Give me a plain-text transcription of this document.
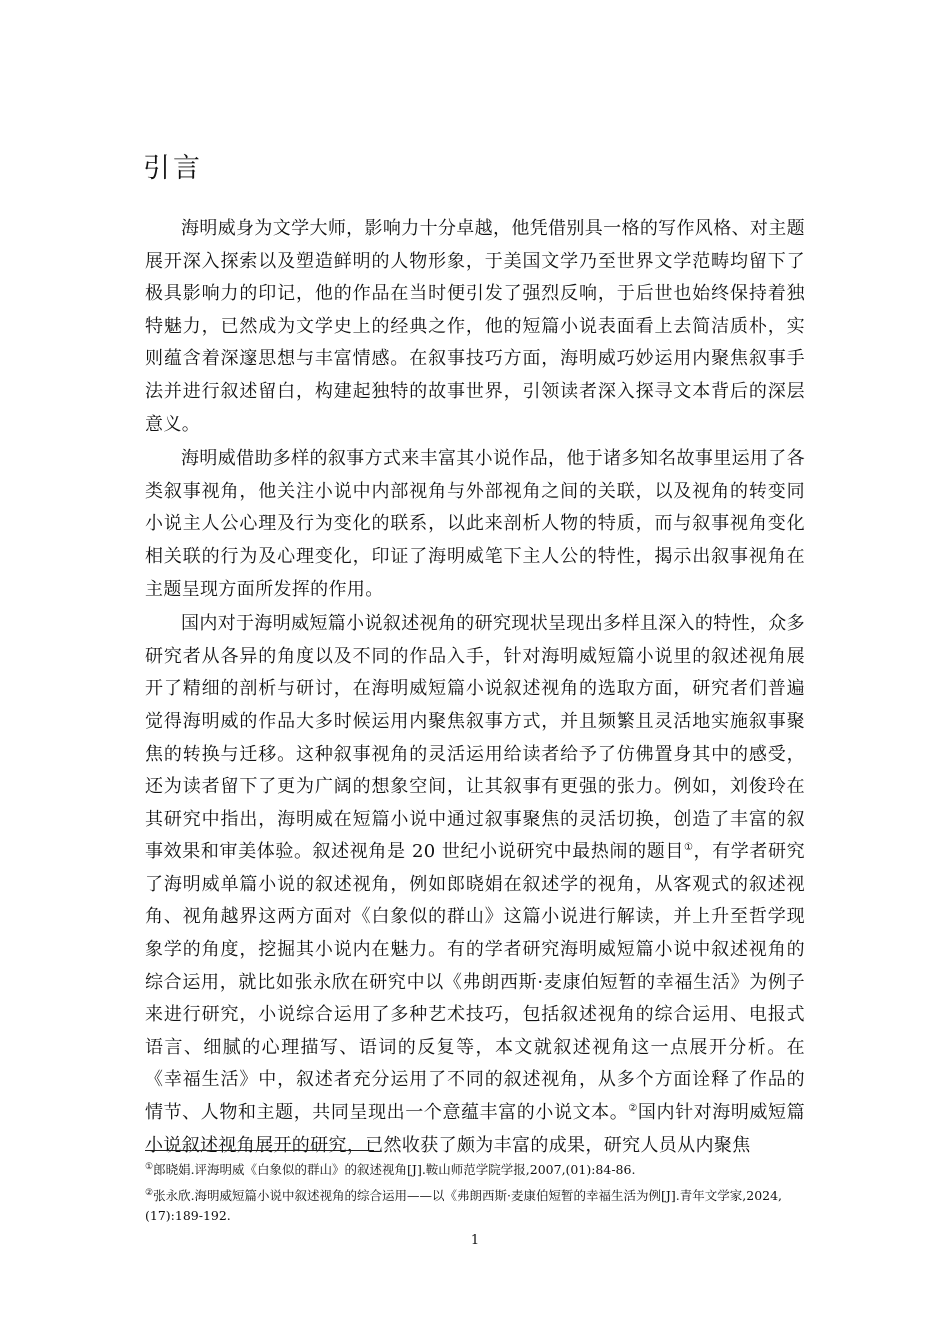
引言

海明威身为文学大师，影响力十分卓越，他凭借别具一格的写作风格、对主题展开深入探索以及塑造鲜明的人物形象，于美国文学乃至世界文学范畴均留下了极具影响力的印记，他的作品在当时便引发了强烈反响，于后世也始终保持着独特魅力，已然成为文学史上的经典之作，他的短篇小说表面看上去简洁质朴，实则蕴含着深邃思想与丰富情感。在叙事技巧方面，海明威巧妙运用内聚焦叙事手法并进行叙述留白，构建起独特的故事世界，引领读者深入探寻文本背后的深层意义。

海明威借助多样的叙事方式来丰富其小说作品，他于诸多知名故事里运用了各类叙事视角，他关注小说中内部视角与外部视角之间的关联，以及视角的转变同小说主人公心理及行为变化的联系，以此来剖析人物的特质，而与叙事视角变化相关联的行为及心理变化，印证了海明威笔下主人公的特性，揭示出叙事视角在主题呈现方面所发挥的作用。

国内对于海明威短篇小说叙述视角的研究现状呈现出多样且深入的特性，众多研究者从各异的角度以及不同的作品入手，针对海明威短篇小说里的叙述视角展开了精细的剖析与研讨，在海明威短篇小说叙述视角的选取方面，研究者们普遍觉得海明威的作品大多时候运用内聚焦叙事方式，并且频繁且灵活地实施叙事聚焦的转换与迁移。这种叙事视角的灵活运用给读者给予了仿佛置身其中的感受，还为读者留下了更为广阔的想象空间，让其叙事有更强的张力。例如，刘俊玲在其研究中指出，海明威在短篇小说中通过叙事聚焦的灵活切换，创造了丰富的叙事效果和审美体验。叙述视角是 20 世纪小说研究中最热闹的题目①，有学者研究了海明威单篇小说的叙述视角，例如郎晓娟在叙述学的视角，从客观式的叙述视角、视角越界这两方面对《白象似的群山》这篇小说进行解读，并上升至哲学现象学的角度，挖掘其小说内在魅力。有的学者研究海明威短篇小说中叙述视角的综合运用，就比如张永欣在研究中以《弗朗西斯·麦康伯短暂的幸福生活》为例子来进行研究，小说综合运用了多种艺术技巧，包括叙述视角的综合运用、电报式语言、细腻的心理描写、语词的反复等，本文就叙述视角这一点展开分析。在《幸福生活》中，叙述者充分运用了不同的叙述视角，从多个方面诠释了作品的情节、人物和主题，共同呈现出一个意蕴丰富的小说文本。②国内针对海明威短篇小说叙述视角展开的研究，已然收获了颇为丰富的成果，研究人员从内聚焦

①郎晓娟.评海明威《白象似的群山》的叙述视角[J].鞍山师范学院学报,2007,(01):84-86.

②张永欣.海明威短篇小说中叙述视角的综合运用——以《弗朗西斯·麦康伯短暂的幸福生活为例[J].青年文学家,2024,(17):189-192.

1
